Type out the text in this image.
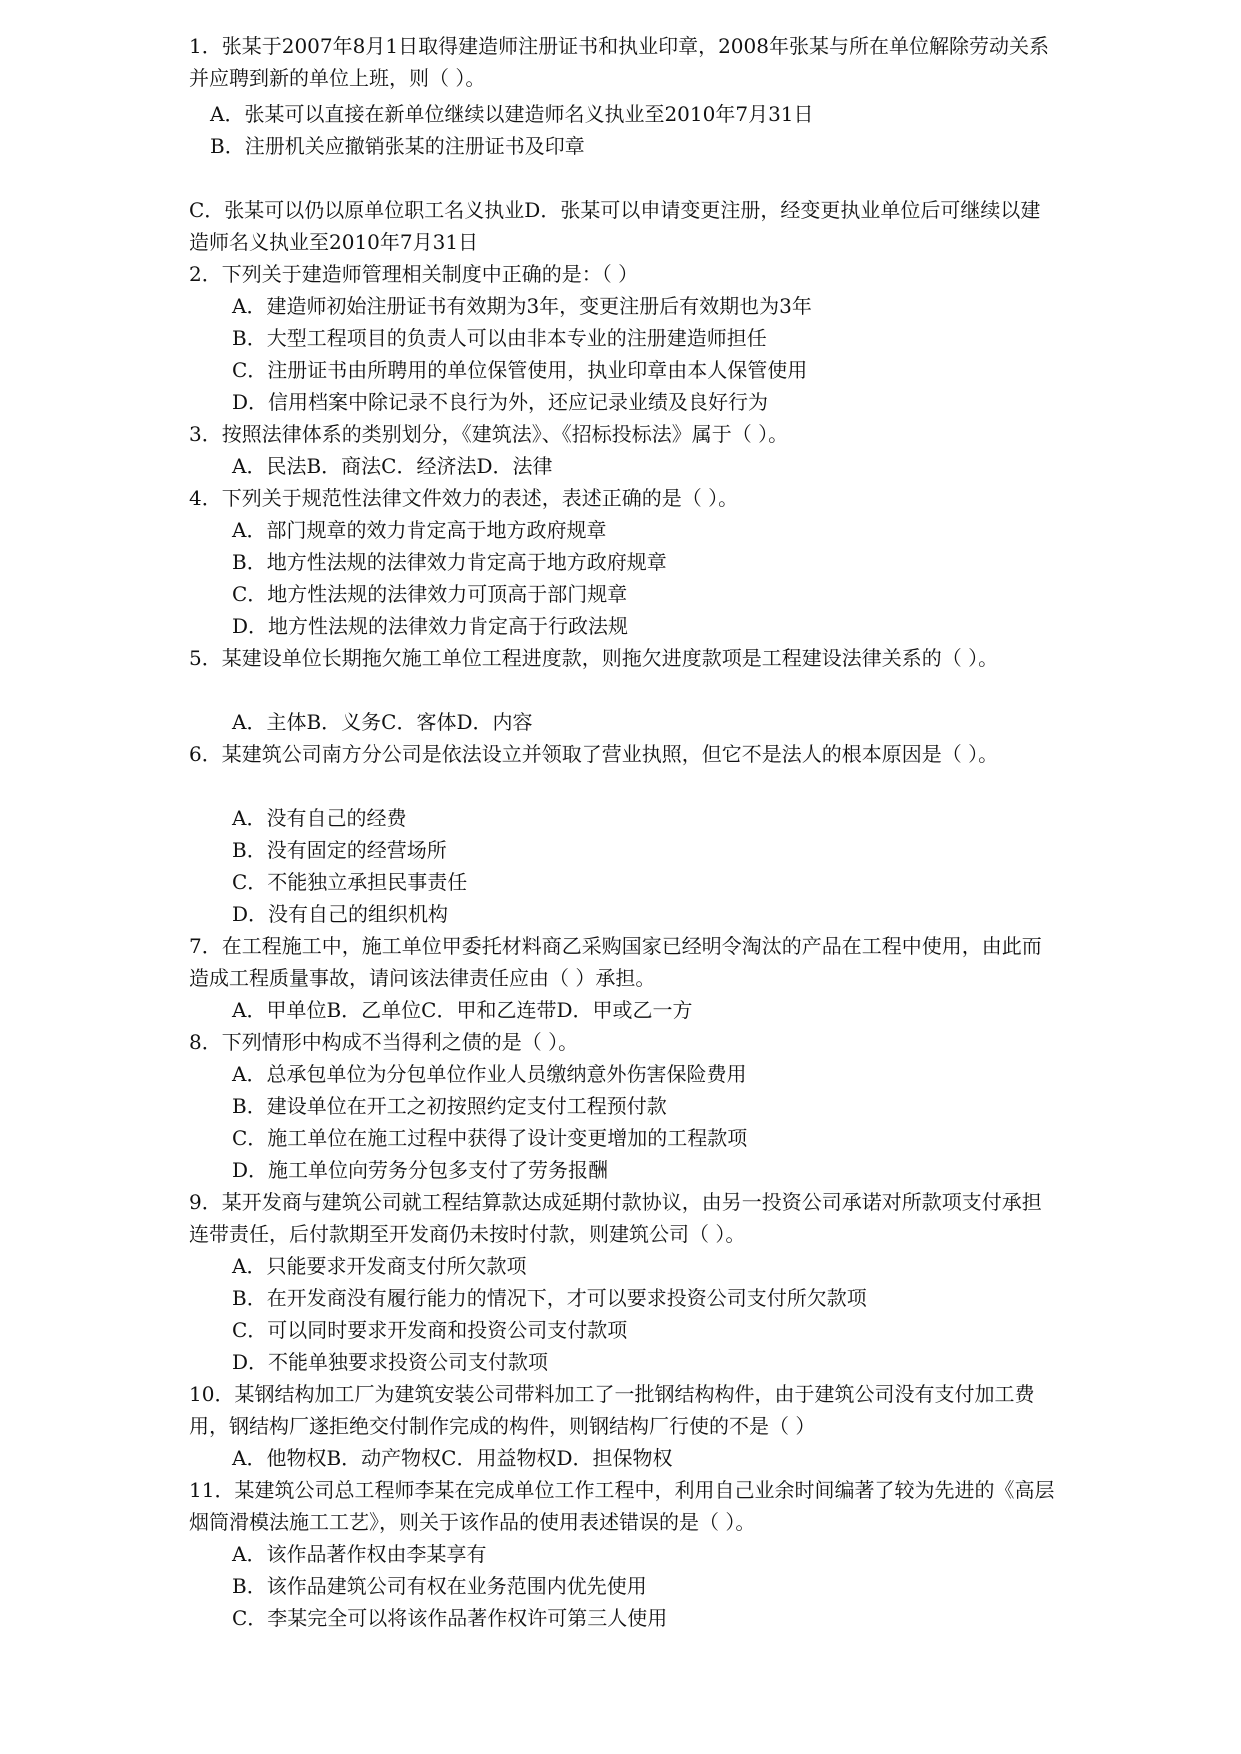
1．张某于2007年8月1日取得建造师注册证书和执业印章，2008年张某与所在单位解除劳动关系并应聘到新的单位上班，则（ ）。

A．张某可以直接在新单位继续以建造师名义执业至2010年7月31日

B．注册机关应撤销张某的注册证书及印章

C．张某可以仍以原单位职工名义执业D．张某可以申请变更注册，经变更执业单位后可继续以建造师名义执业至2010年7月31日

2．下列关于建造师管理相关制度中正确的是：（ ）

A．建造师初始注册证书有效期为3年，变更注册后有效期也为3年

B．大型工程项目的负责人可以由非本专业的注册建造师担任

C．注册证书由所聘用的单位保管使用，执业印章由本人保管使用

D．信用档案中除记录不良行为外，还应记录业绩及良好行为

3．按照法律体系的类别划分，《建筑法》、《招标投标法》属于（ ）。

A．民法B．商法C．经济法D．法律

4．下列关于规范性法律文件效力的表述，表述正确的是（ ）。

A．部门规章的效力肯定高于地方政府规章

B．地方性法规的法律效力肯定高于地方政府规章

C．地方性法规的法律效力可顶高于部门规章

D．地方性法规的法律效力肯定高于行政法规

5．某建设单位长期拖欠施工单位工程进度款，则拖欠进度款项是工程建设法律关系的（ ）。

A．主体B．义务C．客体D．内容

6．某建筑公司南方分公司是依法设立并领取了营业执照，但它不是法人的根本原因是（ ）。

A．没有自己的经费

B．没有固定的经营场所

C．不能独立承担民事责任

D．没有自己的组织机构

7．在工程施工中，施工单位甲委托材料商乙采购国家已经明令淘汰的产品在工程中使用，由此而造成工程质量事故，请问该法律责任应由（ ）承担。

A．甲单位B．乙单位C．甲和乙连带D．甲或乙一方

8．下列情形中构成不当得利之债的是（ ）。

A．总承包单位为分包单位作业人员缴纳意外伤害保险费用

B．建设单位在开工之初按照约定支付工程预付款

C．施工单位在施工过程中获得了设计变更增加的工程款项

D．施工单位向劳务分包多支付了劳务报酬

9．某开发商与建筑公司就工程结算款达成延期付款协议，由另一投资公司承诺对所款项支付承担连带责任，后付款期至开发商仍未按时付款，则建筑公司（ ）。

A．只能要求开发商支付所欠款项

B．在开发商没有履行能力的情况下，才可以要求投资公司支付所欠款项

C．可以同时要求开发商和投资公司支付款项

D．不能单独要求投资公司支付款项

10．某钢结构加工厂为建筑安装公司带料加工了一批钢结构构件，由于建筑公司没有支付加工费用，钢结构厂遂拒绝交付制作完成的构件，则钢结构厂行使的不是（ ）

A．他物权B．动产物权C．用益物权D．担保物权

11．某建筑公司总工程师李某在完成单位工作工程中，利用自己业余时间编著了较为先进的《高层烟筒滑模法施工工艺》，则关于该作品的使用表述错误的是（ ）。

A．该作品著作权由李某享有

B．该作品建筑公司有权在业务范围内优先使用

C．李某完全可以将该作品著作权许可第三人使用
